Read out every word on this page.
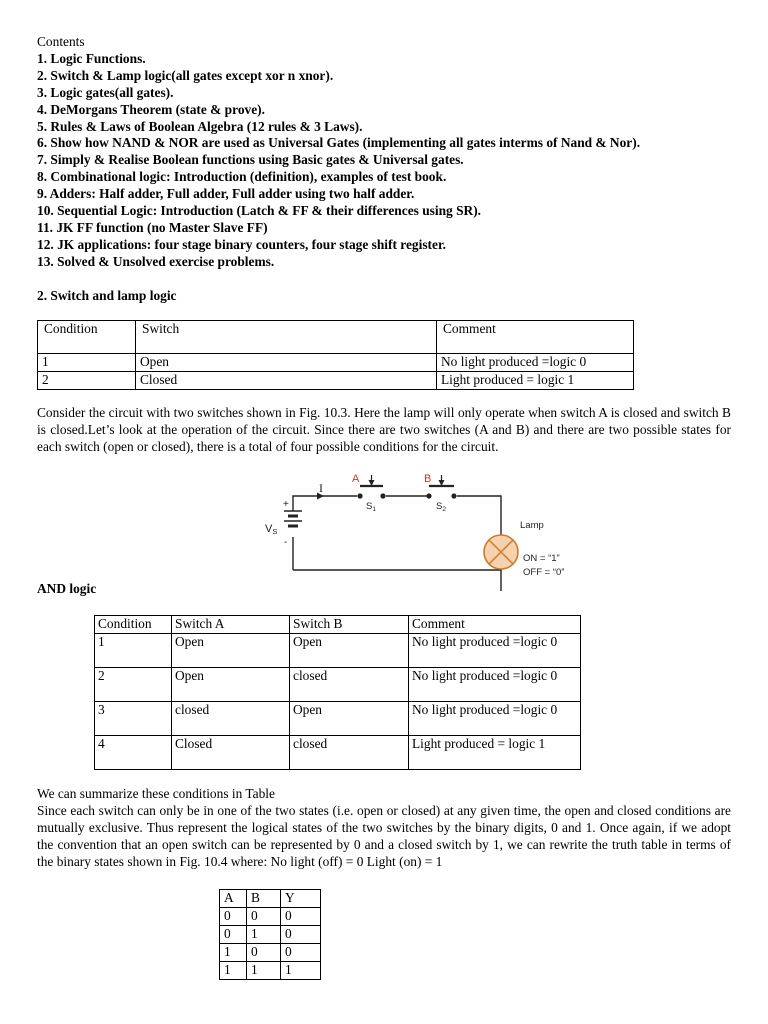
Contents
1. Logic Functions.
2. Switch & Lamp logic(all gates except xor n xnor).
3. Logic gates(all gates).
4. DeMorgans Theorem (state & prove).
5. Rules & Laws of Boolean Algebra (12 rules & 3 Laws).
6. Show how NAND & NOR are used as Universal Gates (implementing all gates interms of Nand & Nor).
7. Simply & Realise Boolean functions using Basic gates & Universal gates.
8. Combinational logic: Introduction (definition), examples of test book.
9. Adders: Half adder, Full adder, Full adder using two half adder.
10. Sequential Logic: Introduction (Latch & FF & their differences using SR).
11. JK FF function (no Master Slave FF)
12. JK applications: four stage binary counters, four stage shift register.
13. Solved & Unsolved exercise problems.
2. Switch and lamp logic
Condition	Switch	Comment
1	Open	No light produced =logic 0
2	Closed	Light produced = logic 1
Consider the circuit with two switches shown in Fig. 10.3. Here the lamp will only operate when switch A is closed and switch B is closed.Let’s look at the operation of the circuit. Since there are two switches (A and B) and there are two possible states for each switch (open or closed), there is a total of four possible conditions for the circuit.
A
$S_1$
B
$S_2$
I
+
-
VS
Lamp
ON = “1”
OFF = “0”
AND logic
Condition	Switch A	Switch B	Comment
1	Open	Open	No light produced =logic 0
2	Open	closed	No light produced =logic 0
3	closed	Open	No light produced =logic 0
4	Closed	closed	Light produced = logic 1
We can summarize these conditions in Table
Since each switch can only be in one of the two states (i.e. open or closed) at any given time, the open and closed conditions are mutually exclusive. Thus represent the logical states of the two switches by the binary digits, 0 and 1. Once again, if we adopt the convention that an open switch can be represented by 0 and a closed switch by 1, we can rewrite the truth table in terms of the binary states shown in Fig. 10.4 where: No light (off) = 0 Light (on) = 1
A	B	Y
0	0	0
0	1	0
1	0	0
1	1	1
